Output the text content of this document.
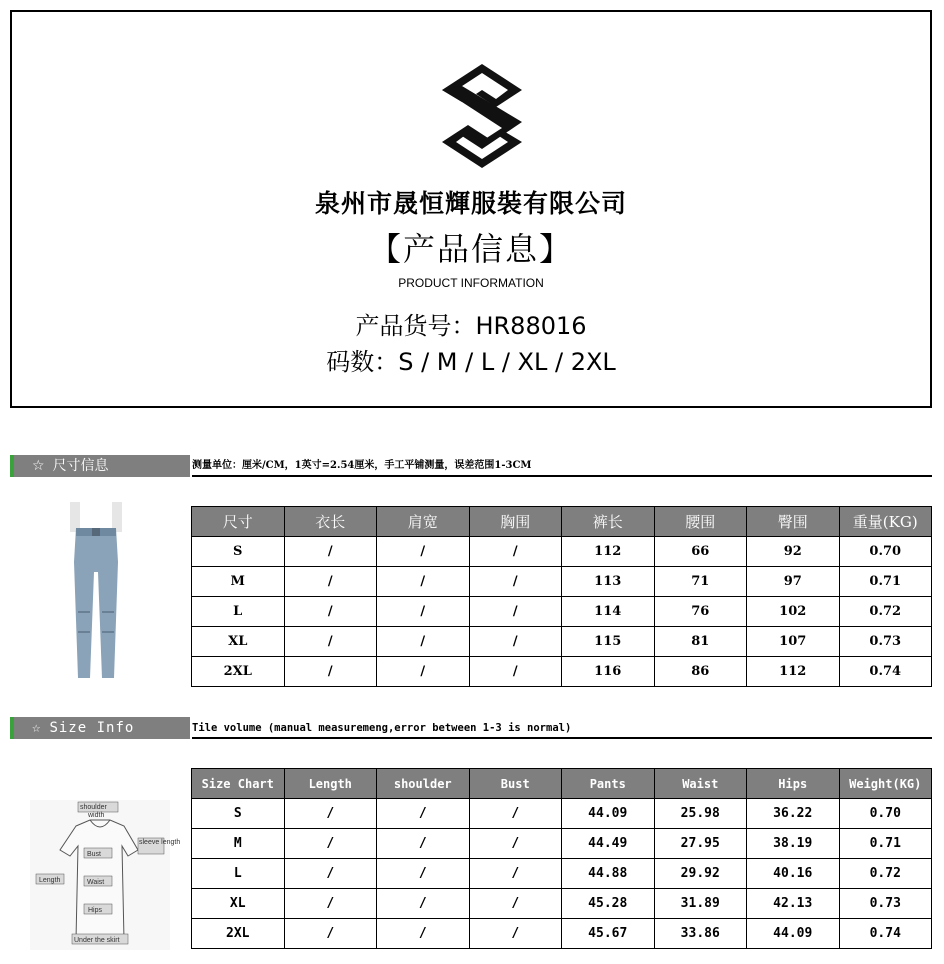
泉州市晟恒輝服裝有限公司
【产品信息】
PRODUCT INFORMATION
产品货号：HR88016
码数：S / M / L / XL / 2XL
☆ 尺寸信息	测量单位：厘米/CM，1英寸=2.54厘米，手工平铺测量，误差范围1-3CM
尺寸	衣长	肩宽	胸围	裤长	腰围	臀围	重量(KG)
S	/	/	/	112	66	92	0.70
M	/	/	/	113	71	97	0.71
L	/	/	/	114	76	102	0.72
XL	/	/	/	115	81	107	0.73
2XL	/	/	/	116	86	112	0.74
☆ Size Info	Tile volume (manual measuremeng,error between 1-3 is normal)
shoulder
width
sleeve length
Bust
Length	Waist
Hips
Under the skirt
Size Chart	Length	shoulder	Bust	Pants	Waist	Hips	Weight(KG)
S	/	/	/	44.09	25.98	36.22	0.70
M	/	/	/	44.49	27.95	38.19	0.71
L	/	/	/	44.88	29.92	40.16	0.72
XL	/	/	/	45.28	31.89	42.13	0.73
2XL	/	/	/	45.67	33.86	44.09	0.74
